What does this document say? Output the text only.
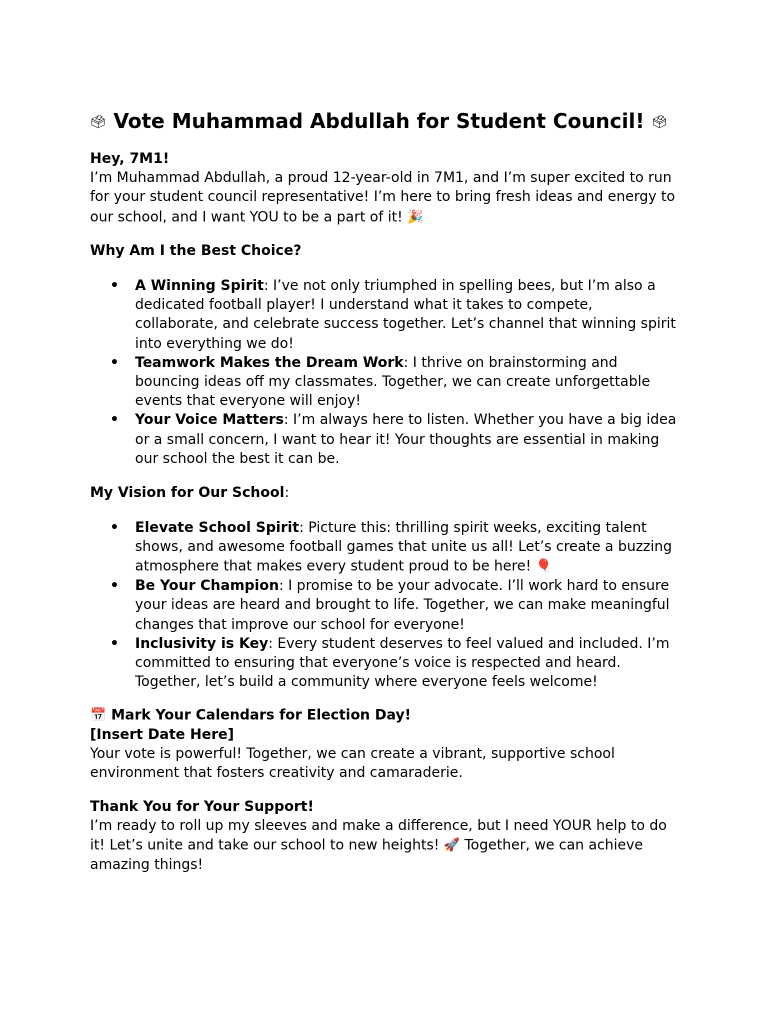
🗳 Vote Muhammad Abdullah for Student Council! 🗳
Hey, 7M1!
I’m Muhammad Abdullah, a proud 12-year-old in 7M1, and I’m super excited to run for your student council representative! I’m here to bring fresh ideas and energy to our school, and I want YOU to be a part of it! 🎉
Why Am I the Best Choice?
• A Winning Spirit: I’ve not only triumphed in spelling bees, but I’m also a dedicated football player! I understand what it takes to compete, collaborate, and celebrate success together. Let’s channel that winning spirit into everything we do!
• Teamwork Makes the Dream Work: I thrive on brainstorming and bouncing ideas off my classmates. Together, we can create unforgettable events that everyone will enjoy!
• Your Voice Matters: I’m always here to listen. Whether you have a big idea or a small concern, I want to hear it! Your thoughts are essential in making our school the best it can be.
My Vision for Our School:
• Elevate School Spirit: Picture this: thrilling spirit weeks, exciting talent shows, and awesome football games that unite us all! Let’s create a buzzing atmosphere that makes every student proud to be here! 🎈
• Be Your Champion: I promise to be your advocate. I’ll work hard to ensure your ideas are heard and brought to life. Together, we can make meaningful changes that improve our school for everyone!
• Inclusivity is Key: Every student deserves to feel valued and included. I’m committed to ensuring that everyone’s voice is respected and heard. Together, let’s build a community where everyone feels welcome!
📅 Mark Your Calendars for Election Day!
[Insert Date Here]
Your vote is powerful! Together, we can create a vibrant, supportive school environment that fosters creativity and camaraderie.
Thank You for Your Support!
I’m ready to roll up my sleeves and make a difference, but I need YOUR help to do it! Let’s unite and take our school to new heights! 🚀 Together, we can achieve amazing things!
